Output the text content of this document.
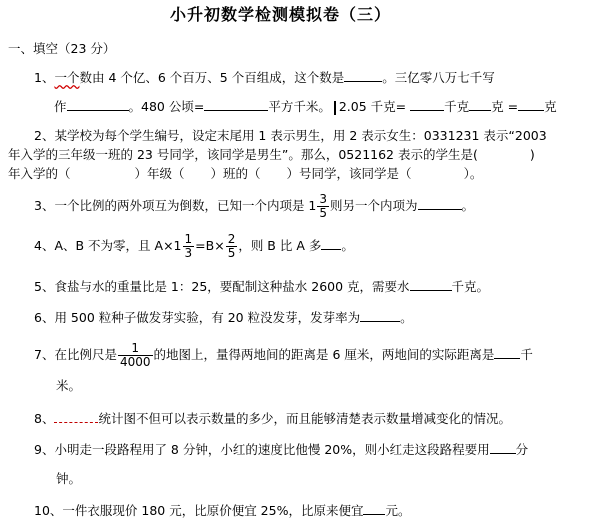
小升初数学检测模拟卷（三）
一、填空（23 分）
1、一个数由 4 个亿、6 个百万、5 个百组成，这个数是	。三亿零八万七千写
作	。480 公顷=	平方千米。 2.05 千克=	千克 克 = 克
2、某学校为每个学生编号，设定末尾用 1 表示男生，用 2 表示女生：0331231 表示“2003
年入学的三年级一班的 23 号同学，该同学是男生”。那么，0521162 表示的学生是(	)
年入学的（	）年级（ ）班的（ ）号同学，该同学是（	）。
3、一个比例的两外项互为倒数，已知一个内项是 $1 \frac{3}{5}$ 则另一个内项为	。
4、A、B 不为零，且 $A\times 1 \frac{1}{3} =B\times \frac{2}{5}$ ，则 B 比 A 多 。
5、食盐与水的重量比是 1：25，要配制这种盐水 2600 克，需要水	千克。
6、用 500 粒种子做发芽实验，有 20 粒没发芽，发芽率为	。
7、在比例尺是 $\frac{1}{4000}$ 的地图上，量得两地间的距离是 6 厘米，两地间的实际距离是 千
米。
8、	统计图不但可以表示数量的多少，而且能够清楚表示数量增减变化的情况。
9、小明走一段路程用了 8 分钟，小红的速度比他慢 20%，则小红走这段路程要用 分
钟。
10、一件衣服现价 180 元，比原价便宜 25%，比原来便宜 元。
